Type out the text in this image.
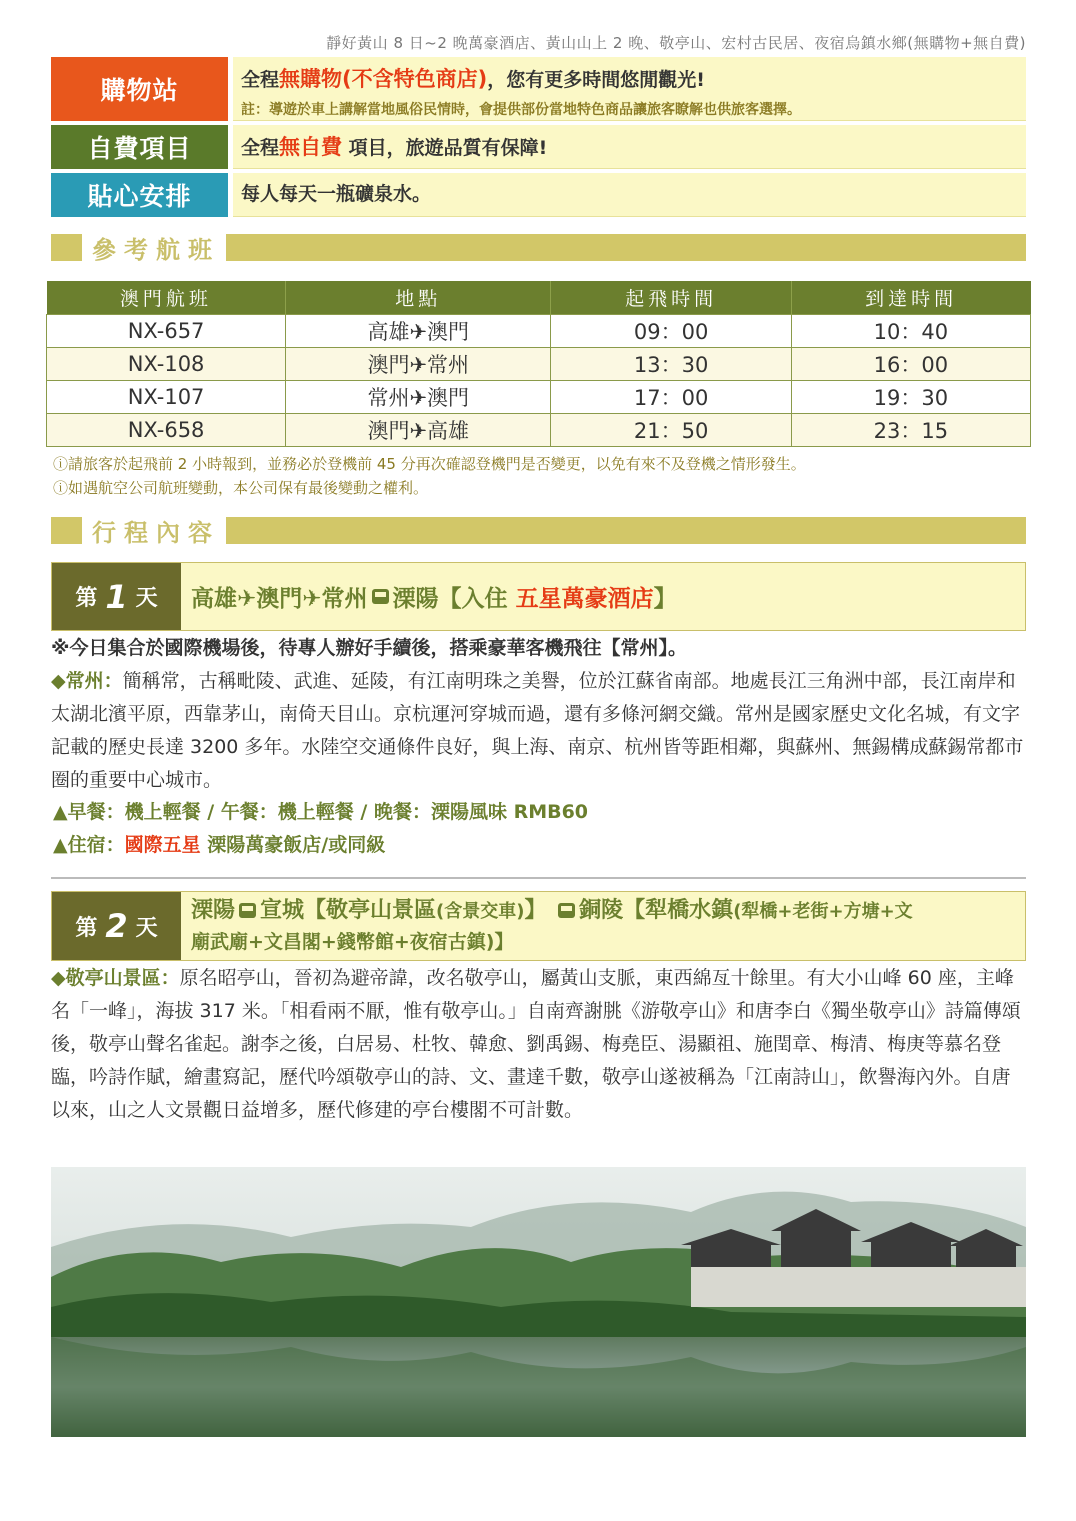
靜好黃山 8 日~2 晚萬豪酒店、黃山山上 2 晚、敬亭山、宏村古民居、夜宿烏鎮水鄉(無購物+無自費)
購物站	全程無購物(不含特色商店)，您有更多時間悠閒觀光!
註：導遊於車上講解當地風俗民情時，會提供部份當地特色商品讓旅客瞭解也供旅客選擇。
自費項目	全程無自費 項目，旅遊品質有保障!
貼心安排	每人每天一瓶礦泉水。
參考航班
澳門航班	地點	起飛時間	到達時間
NX-657	高雄✈澳門	09：00	10：40
NX-108	澳門✈常州	13：30	16：00
NX-107	常州✈澳門	17：00	19：30
NX-658	澳門✈高雄	21：50	23：15
ⓘ請旅客於起飛前 2 小時報到，並務必於登機前 45 分再次確認登機門是否變更，以免有來不及登機之情形發生。
ⓘ如遇航空公司航班變動，本公司保有最後變動之權利。
行程內容
第 1 天 高雄✈澳門✈常州 溧陽【入住
五星萬豪酒店 】
※今日集合於國際機場後，待專人辦好手續後，搭乘豪華客機飛往【常州】。
◆常州：簡稱常，古稱毗陵、武進、延陵，有江南明珠之美譽，位於江蘇省南部。地處長江三角洲中部，長江南岸和太湖北濱平原，西靠茅山，南倚天目山。京杭運河穿城而過，還有多條河網交織。常州是國家歷史文化名城，有文字記載的歷史長達 3200 多年。水陸空交通條件良好，與上海、南京、杭州皆等距相鄰，與蘇州、無錫構成蘇錫常都市圈的重要中心城市。
▲早餐：機上輕餐 / 午餐：機上輕餐 / 晚餐：溧陽風味 RMB60
▲住宿：國際五星 溧陽萬豪飯店/或同級
第 2 天
溧陽 宣城【敬亭山景區(含景交車)】 銅陵【犁橋水鎮(犁橋+老街+方塘+文
廟武廟+文昌閣+錢幣館+夜宿古鎮)】
◆敬亭山景區：原名昭亭山，晉初為避帝諱，改名敬亭山，屬黃山支脈，東西綿亙十餘里。有大小山峰 60 座，主峰名「一峰」，海拔 317 米。「相看兩不厭，惟有敬亭山。」自南齊謝朓《游敬亭山》和唐李白《獨坐敬亭山》詩篇傳頌後，敬亭山聲名雀起。謝李之後，白居易、杜牧、韓愈、劉禹錫、梅堯臣、湯顯祖、施閏章、梅清、梅庚等慕名登臨，吟詩作賦，繪畫寫記，歷代吟頌敬亭山的詩、文、畫達千數，敬亭山遂被稱為「江南詩山」，飲譽海內外。自唐以來，山之人文景觀日益增多，歷代修建的亭台樓閣不可計數。
